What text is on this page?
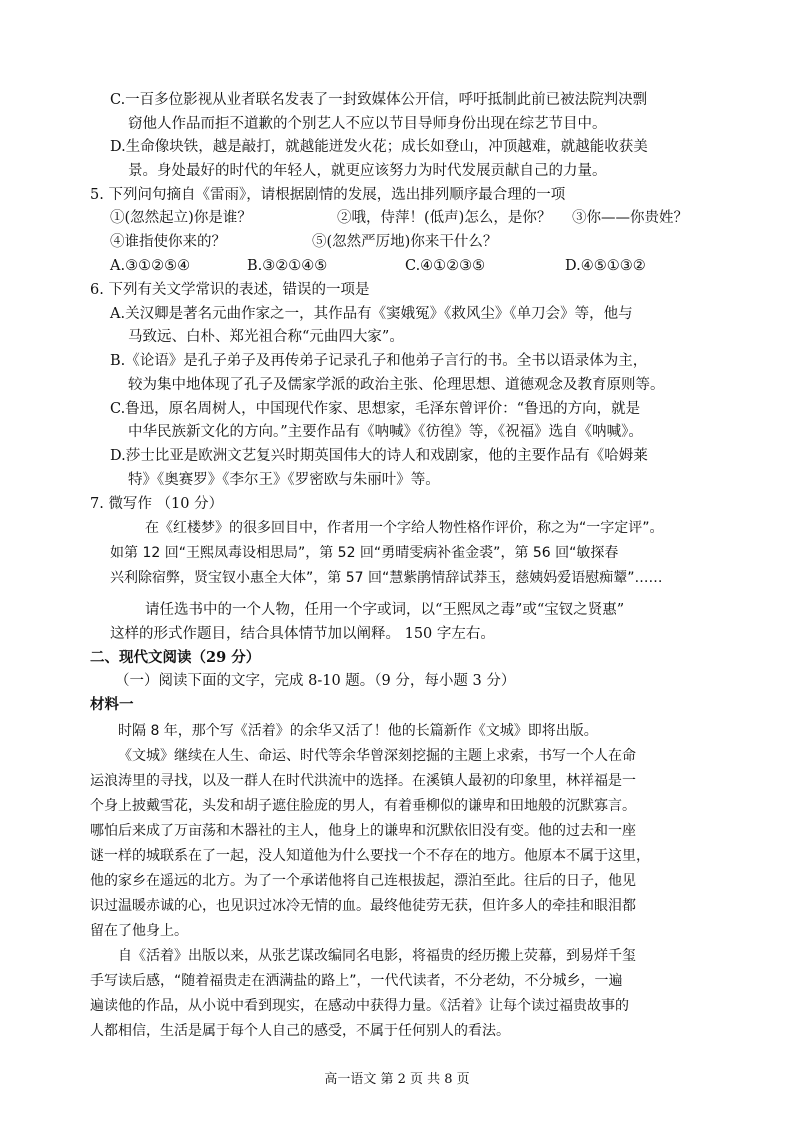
C.一百多位影视从业者联名发表了一封致媒体公开信，呼吁抵制此前已被法院判决剽
窃他人作品而拒不道歉的个别艺人不应以节目导师身份出现在综艺节目中。
D.生命像块铁，越是敲打，就越能迸发火花；成长如登山，冲顶越难，就越能收获美
景。身处最好的时代的年轻人，就更应该努力为时代发展贡献自己的力量。
5. 下列问句摘自《雷雨》，请根据剧情的发展，选出排列顺序最合理的一项
①(忽然起立)你是谁？	②哦，侍萍！(低声)怎么，是你？ ③你——你贵姓？
④谁指使你来的？	⑤(忽然严厉地)你来干什么？
A.③①②⑤④	B.③②①④⑤	C.④①②③⑤	D.④⑤①③②
6. 下列有关文学常识的表述，错误的一项是
A.关汉卿是著名元曲作家之一，其作品有《窦娥冤》《救风尘》《单刀会》等，他与
马致远、白朴、郑光祖合称“元曲四大家”。
B.《论语》是孔子弟子及再传弟子记录孔子和他弟子言行的书。全书以语录体为主，
较为集中地体现了孔子及儒家学派的政治主张、伦理思想、道德观念及教育原则等。
C.鲁迅，原名周树人，中国现代作家、思想家，毛泽东曾评价：“鲁迅的方向，就是
中华民族新文化的方向。”主要作品有《呐喊》《彷徨》等，《祝福》选自《呐喊》。
D.莎士比亚是欧洲文艺复兴时期英国伟大的诗人和戏剧家，他的主要作品有《哈姆莱
特》《奥赛罗》《李尔王》《罗密欧与朱丽叶》等。
7. 微写作 （10 分）
在《红楼梦》的很多回目中，作者用一个字给人物性格作评价，称之为“一字定评”。
如第 12 回“王熙凤毒设相思局”，第 52 回“勇晴雯病补雀金裘”，第 56 回“敏探春
兴利除宿弊，贤宝钗小惠全大体”，第 57 回“慧紫鹃情辞试莽玉，慈姨妈爱语慰痴颦”……
请任选书中的一个人物，任用一个字或词，以“王熙凤之毒”或“宝钗之贤惠”
这样的形式作题目，结合具体情节加以阐释。 150 字左右。
二、现代文阅读（29 分）
（一）阅读下面的文字，完成 8-10 题。（9 分，每小题 3 分）
材料一
时隔 8 年，那个写《活着》的余华又活了！他的长篇新作《文城》即将出版。
《文城》继续在人生、命运、时代等余华曾深刻挖掘的主题上求索，书写一个人在命
运浪涛里的寻找，以及一群人在时代洪流中的选择。在溪镇人最初的印象里，林祥福是一
个身上披戴雪花，头发和胡子遮住脸庞的男人，有着垂柳似的谦卑和田地般的沉默寡言。
哪怕后来成了万亩荡和木器社的主人，他身上的谦卑和沉默依旧没有变。他的过去和一座
谜一样的城联系在了一起，没人知道他为什么要找一个不存在的地方。他原本不属于这里，
他的家乡在遥远的北方。为了一个承诺他将自己连根拔起，漂泊至此。往后的日子，他见
识过温暖赤诚的心，也见识过冰冷无情的血。最终他徒劳无获，但许多人的牵挂和眼泪都
留在了他身上。
自《活着》出版以来，从张艺谋改编同名电影，将福贵的经历搬上荧幕，到易烊千玺
手写读后感，“随着福贵走在洒满盐的路上”，一代代读者，不分老幼，不分城乡，一遍
遍读他的作品，从小说中看到现实，在感动中获得力量。《活着》让每个读过福贵故事的
人都相信，生活是属于每个人自己的感受，不属于任何别人的看法。
高一语文 第 2 页 共 8 页
